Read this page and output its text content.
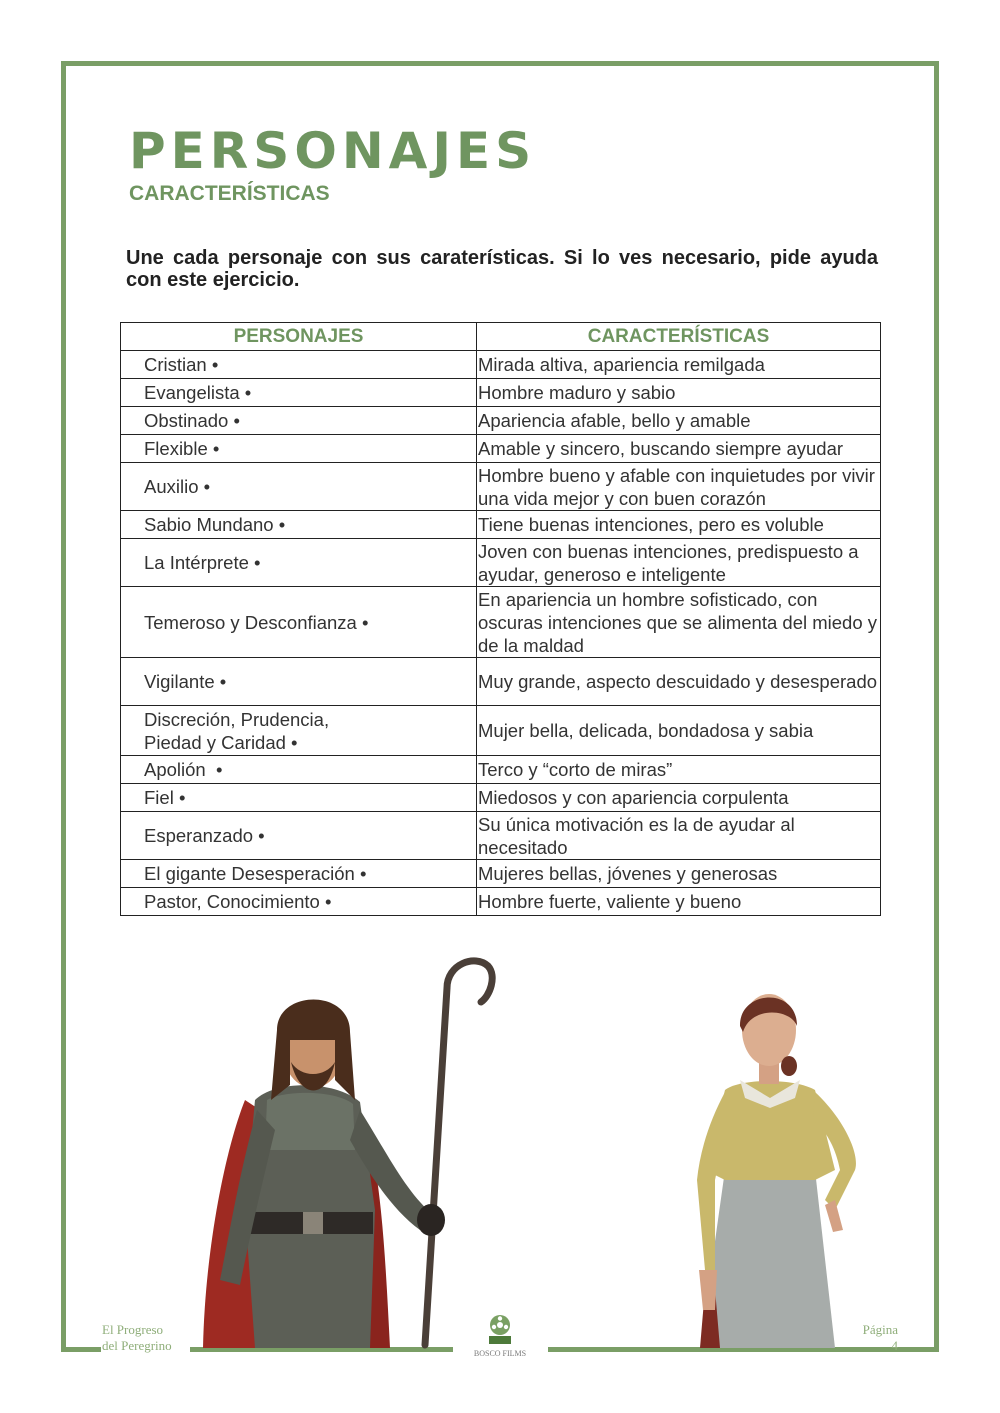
PERSONAJES
CARACTERÍSTICAS

Une cada personaje con sus caraterísticas. Si lo ves necesario, pide ayuda con este ejercicio.

PERSONAJES	CARACTERÍSTICAS
Cristian •	Mirada altiva, apariencia remilgada
Evangelista •	Hombre maduro y sabio
Obstinado •	Apariencia afable, bello y amable
Flexible •	Amable y sincero, buscando siempre ayudar
Auxilio •	Hombre bueno y afable con inquietudes por vivir una vida mejor y con buen corazón
Sabio Mundano •	Tiene buenas intenciones, pero es voluble
La Intérprete •	Joven con buenas intenciones, predispuesto a ayudar, generoso e inteligente
Temeroso y Desconfianza •	En apariencia un hombre sofisticado, con oscuras intenciones que se alimenta del miedo y de la maldad
Vigilante •	Muy grande, aspecto descuidado y desesperado
Discreción, Prudencia, Piedad y Caridad •	Mujer bella, delicada, bondadosa y sabia
Apolión  •	Terco y “corto de miras”
Fiel •	Miedosos y con apariencia corpulenta
Esperanzado •	Su única motivación es la de ayudar al necesitado
El gigante Desesperación •	Mujeres bellas, jóvenes y generosas
Pastor, Conocimiento •	Hombre fuerte, valiente y bueno
El Progreso
del Peregrino
BOSCO FILMS
Página
4
